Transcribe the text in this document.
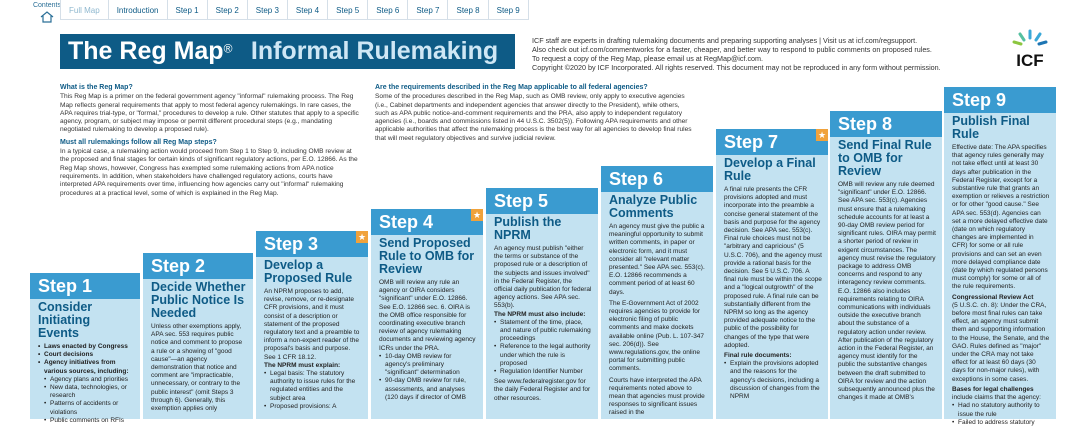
Contents
Full Map	Introduction	Step 1	Step 2	Step 3	Step 4	Step 5	Step 6	Step 7	Step 8	Step 9
The Reg Map® Informal Rulemaking	ICF staff are experts in drafting rulemaking documents and preparing supporting analyses | Visit us at icf.com/regsupport.
Also check out icf.com/commentworks for a faster, cheaper, and better way to respond to public comments on proposed rules.
To request a copy of the Reg Map, please email us at RegMap@icf.com.
Copyright ©2020 by ICF Incorporated. All rights reserved. This document may not be reproduced in any form without permission.	ICF
What is the Reg Map?

This Reg Map is a primer on the federal government agency "informal" rulemaking process. The Reg Map reflects general requirements that apply to most federal agency rulemakings. In rare cases, the APA requires trial-type, or "formal," procedures to develop a rule. Other statutes that apply to a specific agency, program, or subject may impose or permit different procedural steps (e.g., mandating negotiated rulemaking to develop a proposed rule).

Must all rulemakings follow all Reg Map steps?

In a typical case, a rulemaking action would proceed from Step 1 to Step 9, including OMB review at the proposed and final stages for certain kinds of significant regulatory actions, per E.O. 12866. As the Reg Map shows, however, Congress has exempted some rulemaking actions from APA notice requirements. In addition, when stakeholders have challenged regulatory actions, courts have interpreted APA requirements over time, influencing how agencies carry out "informal" rulemaking procedures at a practical level, some of which is explained in the Reg Map.

Are the requirements described in the Reg Map applicable to all federal agencies?

Some of the procedures described in the Reg Map, such as OMB review, only apply to executive agencies (i.e., Cabinet departments and independent agencies that answer directly to the President), while others, such as APA public notice-and-comment requirements and the PRA, also apply to independent regulatory agencies (i.e., boards and commissions listed in 44 U.S.C. 3502(5)). Following APA requirements and other applicable authorities that affect the rulemaking process is the best way for all agencies to develop final rules that will meet regulatory objectives and survive judicial review.

Step 1
Consider Initiating Events
• Laws enacted by Congress
• Court decisions
• Agency initiatives from various sources, including:
• Agency plans and priorities
• New data, technologies, or research
• Patterns of accidents or violations
• Public comments on RFIs
Step 2
Decide Whether Public Notice Is Needed
Unless other exemptions apply, APA sec. 553 requires public notice and comment to propose a rule or a showing of "good cause"—an agency demonstration that notice and comment are "impracticable, unnecessary, or contrary to the public interest" (omit Steps 3 through 6). Generally, this exemption applies only
Step 3	★
Develop a Proposed Rule
An NPRM proposes to add, revise, remove, or re-designate CFR provisions, and it must consist of a description or statement of the proposed regulatory text and a preamble to inform a non-expert reader of the proposal's basis and purpose. See 1 CFR 18.12.
The NPRM must explain:
• Legal basis: The statutory authority to issue rules for the regulated entities and the subject area
• Proposed provisions: A
Step 4	★
Send Proposed Rule to OMB for Review
OMB will review any rule an agency or OIRA considers "significant" under E.O. 12866. See E.O. 12866 sec. 6. OIRA is the OMB office responsible for coordinating executive branch review of agency rulemaking documents and reviewing agency ICRs under the PRA.
• 10-day OMB review for agency's preliminary "significant" determination
• 90-day OMB review for rule, assessments, and analyses (120 days if director of OMB
Step 5
Publish the NPRM
An agency must publish "either the terms or substance of the proposed rule or a description of the subjects and issues involved" in the Federal Register, the official daily publication for federal agency actions. See APA sec. 553(b).
The NPRM must also include:
• Statement of the time, place, and nature of public rulemaking proceedings
• Reference to the legal authority under which the rule is proposed
• Regulation Identifier Number
See www.federalregister.gov for the daily Federal Register and for other resources.
Step 6
Analyze Public Comments
An agency must give the public a meaningful opportunity to submit written comments, in paper or electronic form, and it must consider all "relevant matter presented." See APA sec. 553(c). E.O. 12866 recommends a comment period of at least 60 days.
The E-Government Act of 2002 requires agencies to provide for electronic filing of public comments and make dockets available online (Pub. L. 107-347 sec. 206(d)). See www.regulations.gov, the online portal for submitting public comments.
Courts have interpreted the APA requirements noted above to mean that agencies must provide responses to significant issues raised in the
Step 7	★
Develop a Final Rule
A final rule presents the CFR provisions adopted and must incorporate into the preamble a concise general statement of the basis and purpose for the agency decision. See APA sec. 553(c). Final rule choices must not be "arbitrary and capricious" (5 U.S.C. 706), and the agency must provide a rational basis for the decision. See 5 U.S.C. 706. A final rule must be within the scope and a "logical outgrowth" of the proposed rule. A final rule can be substantially different from the NPRM so long as the agency provided adequate notice to the public of the possibility for changes of the type that were adopted.
Final rule documents:
• Explain the provisions adopted and the reasons for the agency's decisions, including a discussion of changes from the NPRM
Step 8
Send Final Rule to OMB for Review
OMB will review any rule deemed "significant" under E.O. 12866. See APA sec. 553(c). Agencies must ensure that a rulemaking schedule accounts for at least a 90-day OMB review period for significant rules. OIRA may permit a shorter period of review in exigent circumstances. The agency must revise the regulatory package to address OMB concerns and respond to any interagency review comments. E.O. 12866 also includes requirements relating to OIRA communications with individuals outside the executive branch about the substance of a regulatory action under review. After publication of the regulatory action in the Federal Register, an agency must identify for the public the substantive changes between the draft submitted to OIRA for review and the action subsequently announced plus the changes it made at OMB's
Step 9
Publish Final Rule
Effective date: The APA specifies that agency rules generally may not take effect until at least 30 days after publication in the Federal Register, except for a substantive rule that grants an exemption or relieves a restriction or for other "good cause." See APA sec. 553(d). Agencies can set a more delayed effective date (date on which regulatory changes are implemented in CFR) for some or all rule provisions and can set an even more delayed compliance date (date by which regulated persons must comply) for some or all of the rule requirements.
Congressional Review Act
(5 U.S.C. ch. 8): Under the CRA, before most final rules can take effect, an agency must submit them and supporting information to the House, the Senate, and the GAO. Rules defined as "major" under the CRA may not take effect for at least 60 days (30 days for non-major rules), with exceptions in some cases.
Bases for legal challenges
include claims that the agency:
• Had no statutory authority to issue the rule
• Failed to address statutory
